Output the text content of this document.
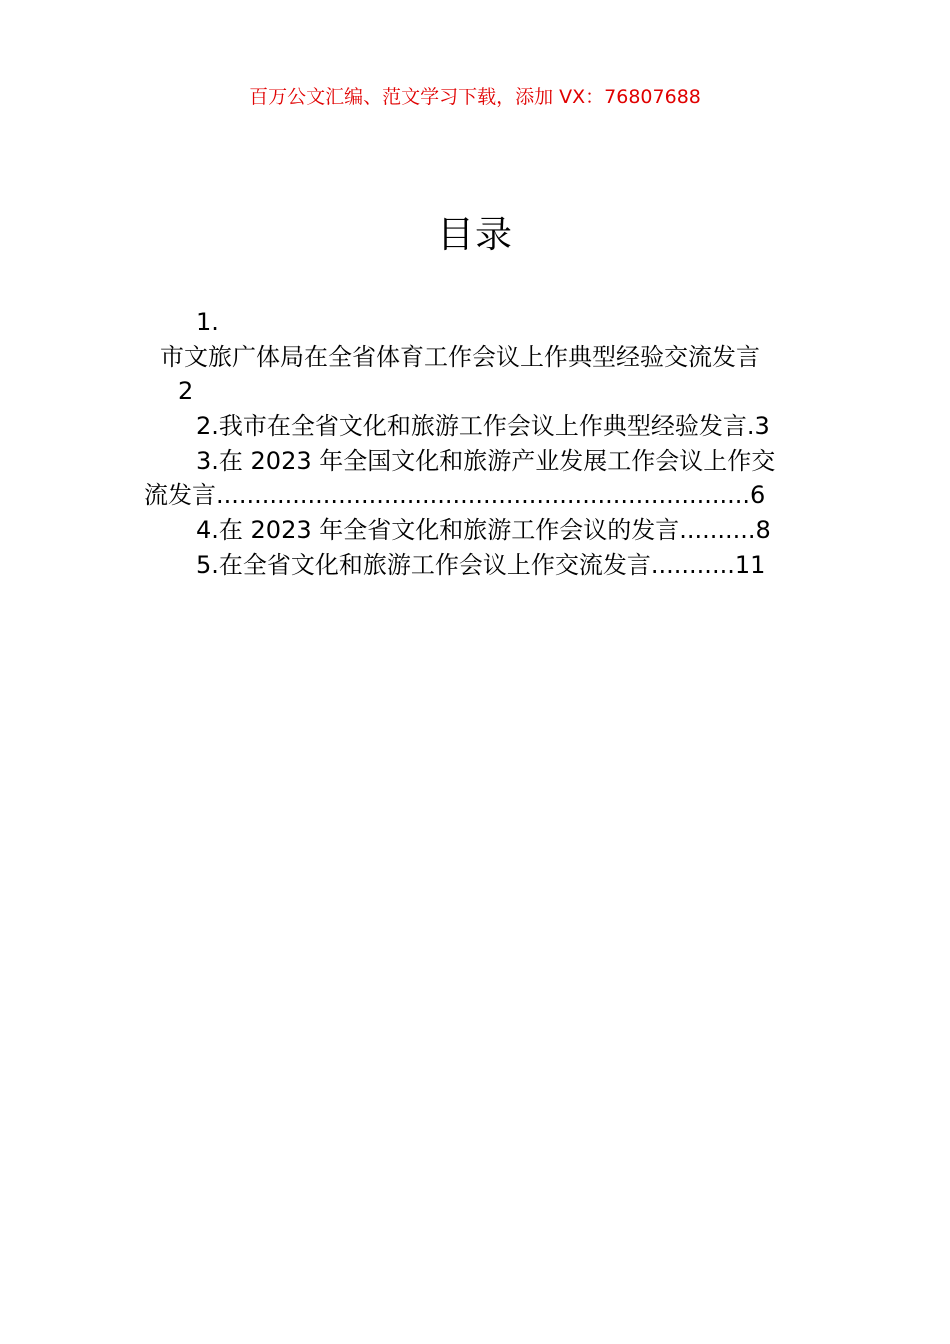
百万公文汇编、范文学习下载，添加 VX：76807688
目录
1.
市文旅广体局在全省体育工作会议上作典型经验交流发言
2
2.我市在全省文化和旅游工作会议上作典型经验发言.3
3.在 2023 年全国文化和旅游产业发展工作会议上作交
流发言......................................................................6
4.在 2023 年全省文化和旅游工作会议的发言..........8
5.在全省文化和旅游工作会议上作交流发言...........11
